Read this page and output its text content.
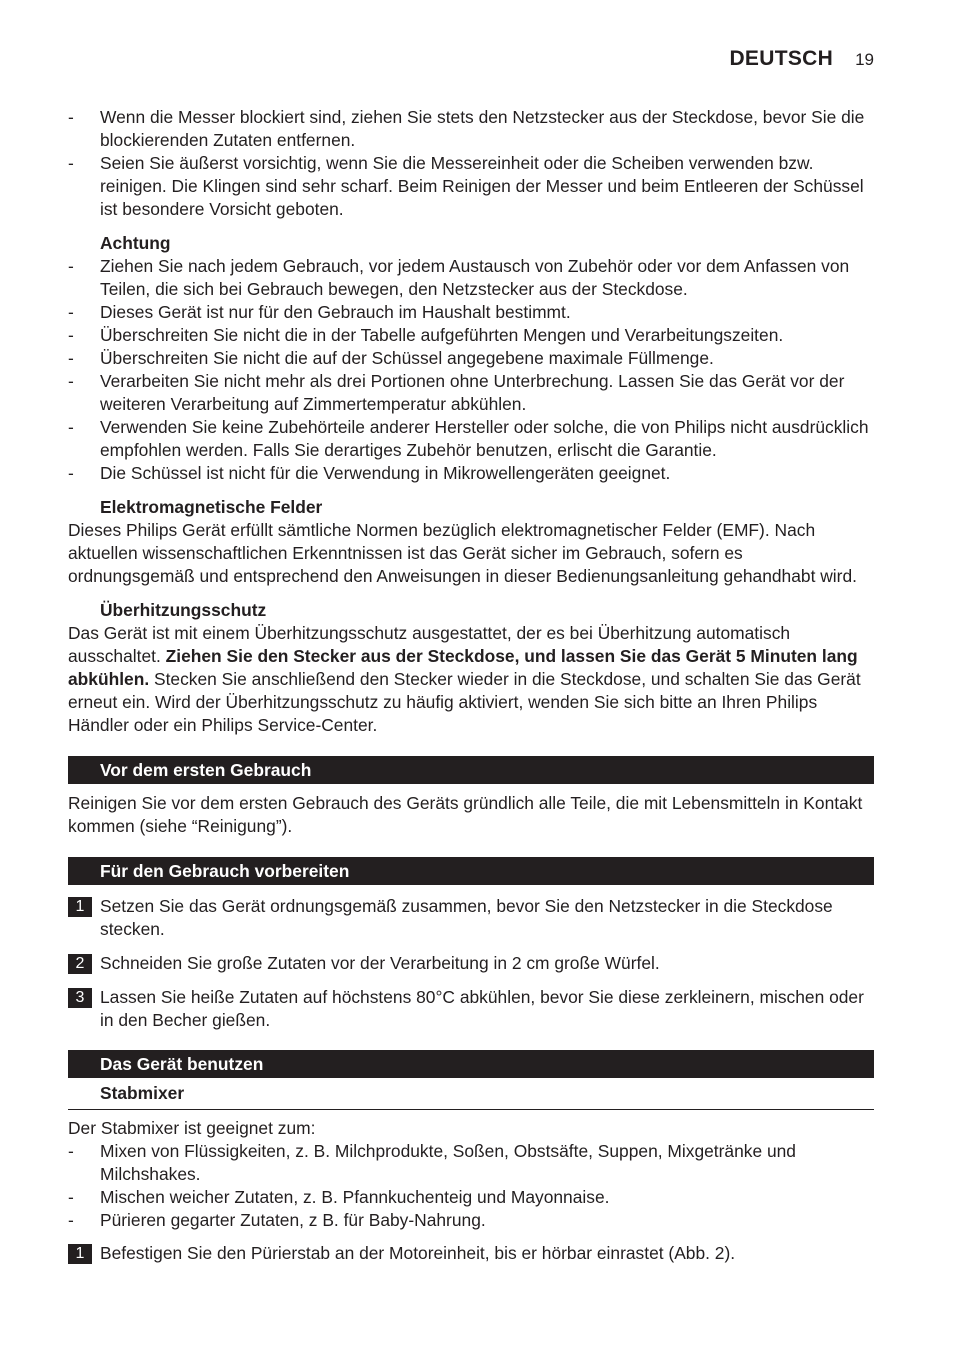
DEUTSCH 19
- Wenn die Messer blockiert sind, ziehen Sie stets den Netzstecker aus der Steckdose, bevor Sie die blockierenden Zutaten entfernen.
- Seien Sie äußerst vorsichtig, wenn Sie die Messereinheit oder die Scheiben verwenden bzw. reinigen. Die Klingen sind sehr scharf. Beim Reinigen der Messer und beim Entleeren der Schüssel ist besondere Vorsicht geboten.
Achtung
- Ziehen Sie nach jedem Gebrauch, vor jedem Austausch von Zubehör oder vor dem Anfassen von Teilen, die sich bei Gebrauch bewegen, den Netzstecker aus der Steckdose.
- Dieses Gerät ist nur für den Gebrauch im Haushalt bestimmt.
- Überschreiten Sie nicht die in der Tabelle aufgeführten Mengen und Verarbeitungszeiten.
- Überschreiten Sie nicht die auf der Schüssel angegebene maximale Füllmenge.
- Verarbeiten Sie nicht mehr als drei Portionen ohne Unterbrechung. Lassen Sie das Gerät vor der weiteren Verarbeitung auf Zimmertemperatur abkühlen.
- Verwenden Sie keine Zubehörteile anderer Hersteller oder solche, die von Philips nicht ausdrücklich empfohlen werden. Falls Sie derartiges Zubehör benutzen, erlischt die Garantie.
- Die Schüssel ist nicht für die Verwendung in Mikrowellengeräten geeignet.
Elektromagnetische Felder

Dieses Philips Gerät erfüllt sämtliche Normen bezüglich elektromagnetischer Felder (EMF). Nach aktuellen wissenschaftlichen Erkenntnissen ist das Gerät sicher im Gebrauch, sofern es ordnungsgemäß und entsprechend den Anweisungen in dieser Bedienungsanleitung gehandhabt wird.

Überhitzungsschutz

Das Gerät ist mit einem Überhitzungsschutz ausgestattet, der es bei Überhitzung automatisch ausschaltet. Ziehen Sie den Stecker aus der Steckdose, und lassen Sie das Gerät 5 Minuten lang abkühlen. Stecken Sie anschließend den Stecker wieder in die Steckdose, und schalten Sie das Gerät erneut ein. Wird der Überhitzungsschutz zu häufig aktiviert, wenden Sie sich bitte an Ihren Philips Händler oder ein Philips Service-Center.

Vor dem ersten Gebrauch

Reinigen Sie vor dem ersten Gebrauch des Geräts gründlich alle Teile, die mit Lebensmitteln in Kontakt kommen (siehe “Reinigung”).

Für den Gebrauch vorbereiten
1 Setzen Sie das Gerät ordnungsgemäß zusammen, bevor Sie den Netzstecker in die Steckdose stecken.
2 Schneiden Sie große Zutaten vor der Verarbeitung in 2 cm große Würfel.
3 Lassen Sie heiße Zutaten auf höchstens 80°C abkühlen, bevor Sie diese zerkleinern, mischen oder in den Becher gießen.
Das Gerät benutzen
Stabmixer

Der Stabmixer ist geeignet zum:

- Mixen von Flüssigkeiten, z. B. Milchprodukte, Soßen, Obstsäfte, Suppen, Mixgetränke und Milchshakes.
- Mischen weicher Zutaten, z. B. Pfannkuchenteig und Mayonnaise.
- Pürieren gegarter Zutaten, z B. für Baby-Nahrung.
1 Befestigen Sie den Pürierstab an der Motoreinheit, bis er hörbar einrastet (Abb. 2).
